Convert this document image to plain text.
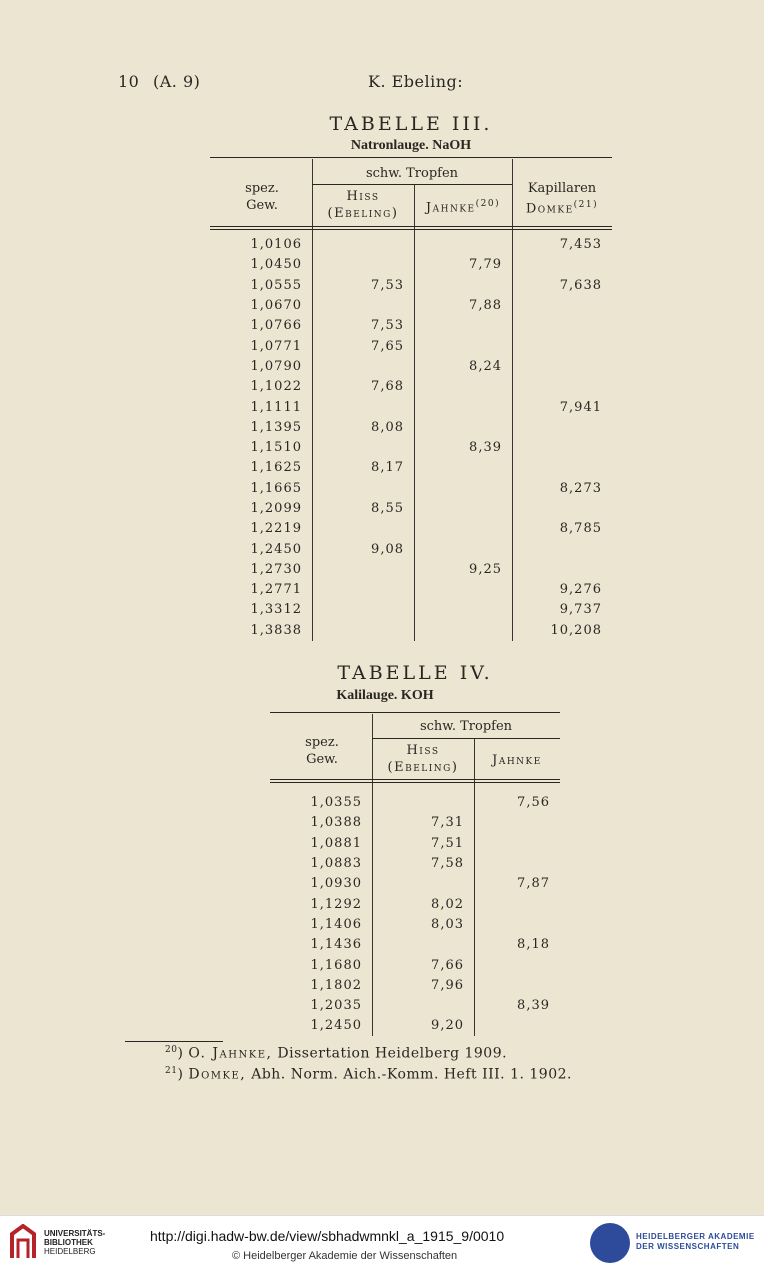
10 (A. 9)	K. Ebeling:
TABELLE III.
Natronlauge. NaOH
spez.
Gew.
schw. Tropfen
Hiss
(Ebeling)	Jahnke$^{(20)}$
Kapillaren
Domke$^{(21)}$
1,0106			7,453
1,0450		7,79	
1,0555	7,53		7,638
1,0670		7,88	
1,0766	7,53		
1,0771	7,65		
1,0790		8,24	
1,1022	7,68		
1,1111			7,941
1,1395	8,08		
1,1510		8,39	
1,1625	8,17		
1,1665			8,273
1,2099	8,55		
1,2219			8,785
1,2450	9,08		
1,2730		9,25	
1,2771			9,276
1,3312			9,737
1,3838			10,208
TABELLE IV.
Kalilauge. KOH
spez.
Gew.
schw. Tropfen
Hiss
(Ebeling)	Jahnke
1,0355		7,56
1,0388	7,31	
1,0881	7,51	
1,0883	7,58	
1,0930		7,87
1,1292	8,02	
1,1406	8,03	
1,1436		8,18
1,1680	7,66	
1,1802	7,96	
1,2035		8,39
1,2450	9,20	
$^{20}$) O. Jahnke, Dissertation Heidelberg 1909.
$^{21}$) Domke, Abh. Norm. Aich.-Komm. Heft III. 1. 1902.
UNIVERSITÄTS-
BIBLIOTHEK
HEIDELBERG
http://digi.hadw-bw.de/view/sbhadwmnkl_a_1915_9/0010
© Heidelberger Akademie der Wissenschaften
HEIDELBERGER AKADEMIE
DER WISSENSCHAFTEN
